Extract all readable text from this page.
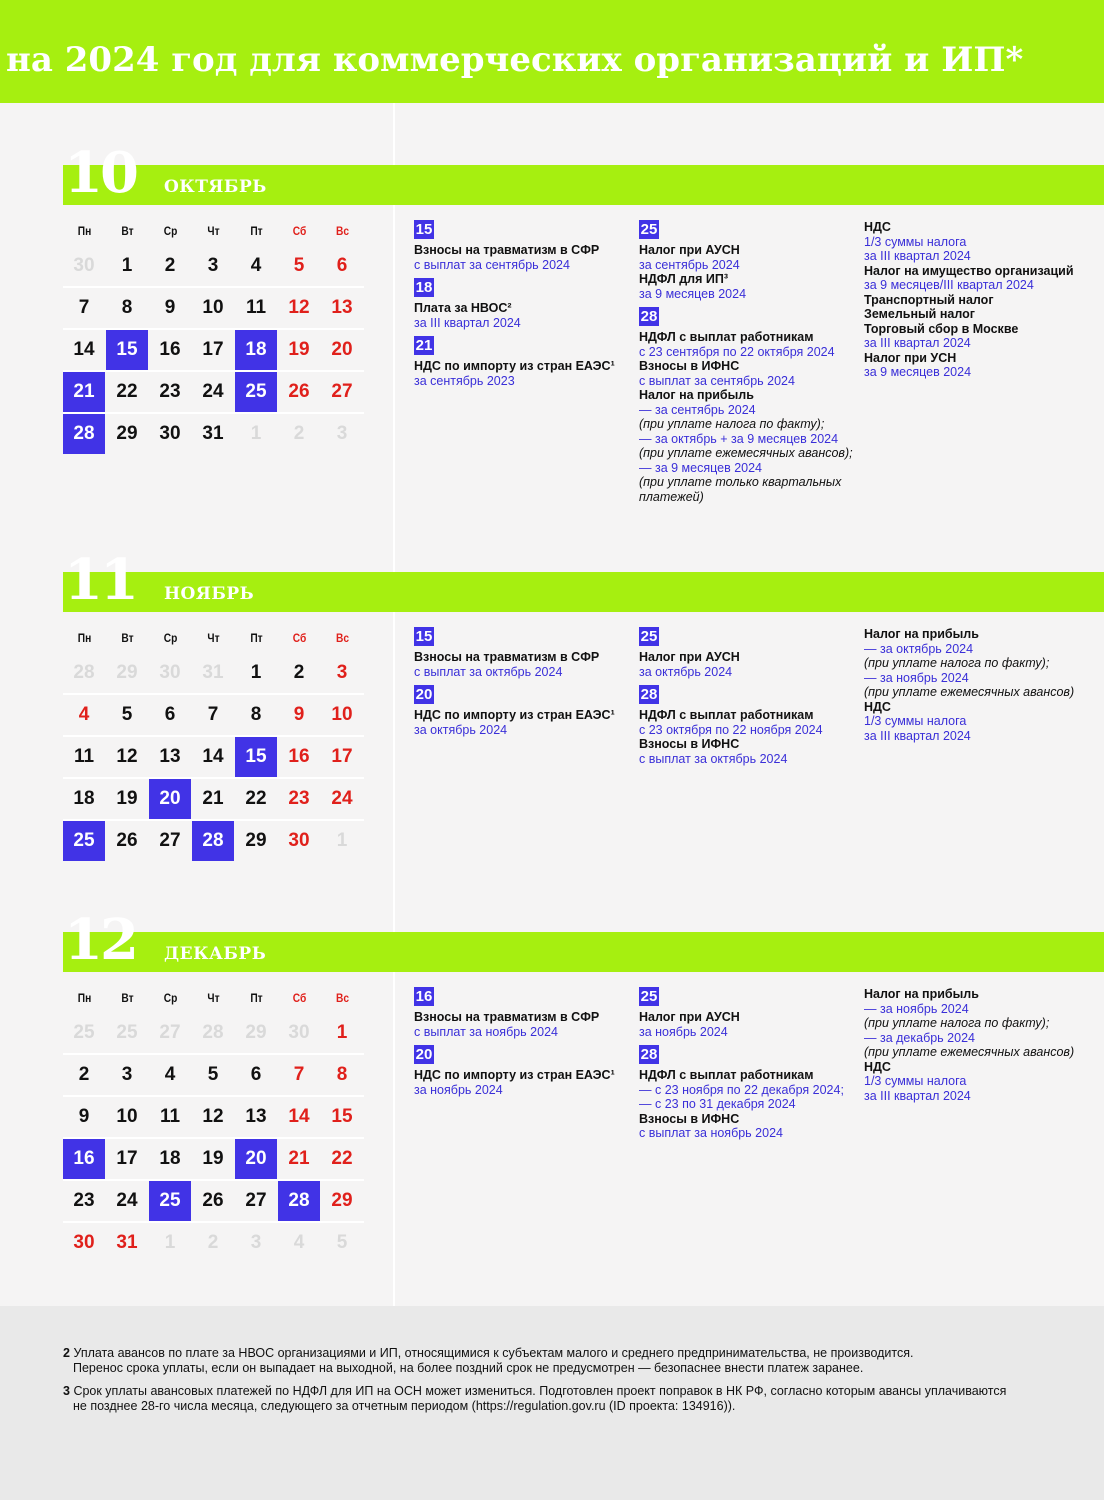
на 2024 год для коммерческих организаций и ИП*
10 ОКТЯБРЬ
Пн	Вт	Ср	Чт	Пт	Сб	Вс
30	1	2	3	4	5	6
7	8	9	10	11	12	13
14	15	16	17	18	19	20
21	22	23	24	25	26	27
28	29	30	31	1	2	3
15
Взносы на травматизм в СФР
с выплат за сентябрь 2024
18
Плата за НВОС²
за III квартал 2024
21
НДС по импорту из стран ЕАЭС¹
за сентябрь 2023
25
Налог при АУСН
за сентябрь 2024
НДФЛ для ИП³
за 9 месяцев 2024
28
НДФЛ с выплат работникам
с 23 сентября по 22 октября 2024
Взносы в ИФНС
с выплат за сентябрь 2024
Налог на прибыль
— за сентябрь 2024
(при уплате налога по факту);
— за октябрь + за 9 месяцев 2024
(при уплате ежемесячных авансов);
— за 9 месяцев 2024
(при уплате только квартальных
платежей)
НДС
1/3 суммы налога
за III квартал 2024
Налог на имущество организаций
за 9 месяцев/III квартал 2024
Транспортный налог
Земельный налог
Торговый сбор в Москве
за III квартал 2024
Налог при УСН
за 9 месяцев 2024
11 НОЯБРЬ
Пн	Вт	Ср	Чт	Пт	Сб	Вс
28	29	30	31	1	2	3
4	5	6	7	8	9	10
11	12	13	14	15	16	17
18	19	20	21	22	23	24
25	26	27	28	29	30	1
15
Взносы на травматизм в СФР
с выплат за октябрь 2024
20
НДС по импорту из стран ЕАЭС¹
за октябрь 2024
25
Налог при АУСН
за октябрь 2024
28
НДФЛ с выплат работникам
с 23 октября по 22 ноября 2024
Взносы в ИФНС
с выплат за октябрь 2024
Налог на прибыль
— за октябрь 2024
(при уплате налога по факту);
— за ноябрь 2024
(при уплате ежемесячных авансов)
НДС
1/3 суммы налога
за III квартал 2024
12 ДЕКАБРЬ
Пн	Вт	Ср	Чт	Пт	Сб	Вс
25	25	27	28	29	30	1
2	3	4	5	6	7	8
9	10	11	12	13	14	15
16	17	18	19	20	21	22
23	24	25	26	27	28	29
30	31	1	2	3	4	5
16
Взносы на травматизм в СФР
с выплат за ноябрь 2024
20
НДС по импорту из стран ЕАЭС¹
за ноябрь 2024
25
Налог при АУСН
за ноябрь 2024
28
НДФЛ с выплат работникам
— с 23 ноября по 22 декабря 2024;
— с 23 по 31 декабря 2024
Взносы в ИФНС
с выплат за ноябрь 2024
Налог на прибыль
— за ноябрь 2024
(при уплате налога по факту);
— за декабрь 2024
(при уплате ежемесячных авансов)
НДС
1/3 суммы налога
за III квартал 2024
2 Уплата авансов по плате за НВОС организациями и ИП, относящимися к субъектам малого и среднего предпринимательства, не производится.
Перенос срока уплаты, если он выпадает на выходной, на более поздний срок не предусмотрен — безопаснее внести платеж заранее.
3 Срок уплаты авансовых платежей по НДФЛ для ИП на ОСН может измениться. Подготовлен проект поправок в НК РФ, согласно которым авансы уплачиваются
не позднее 28-го числа месяца, следующего за отчетным периодом (https://regulation.gov.ru (ID проекта: 134916)).
